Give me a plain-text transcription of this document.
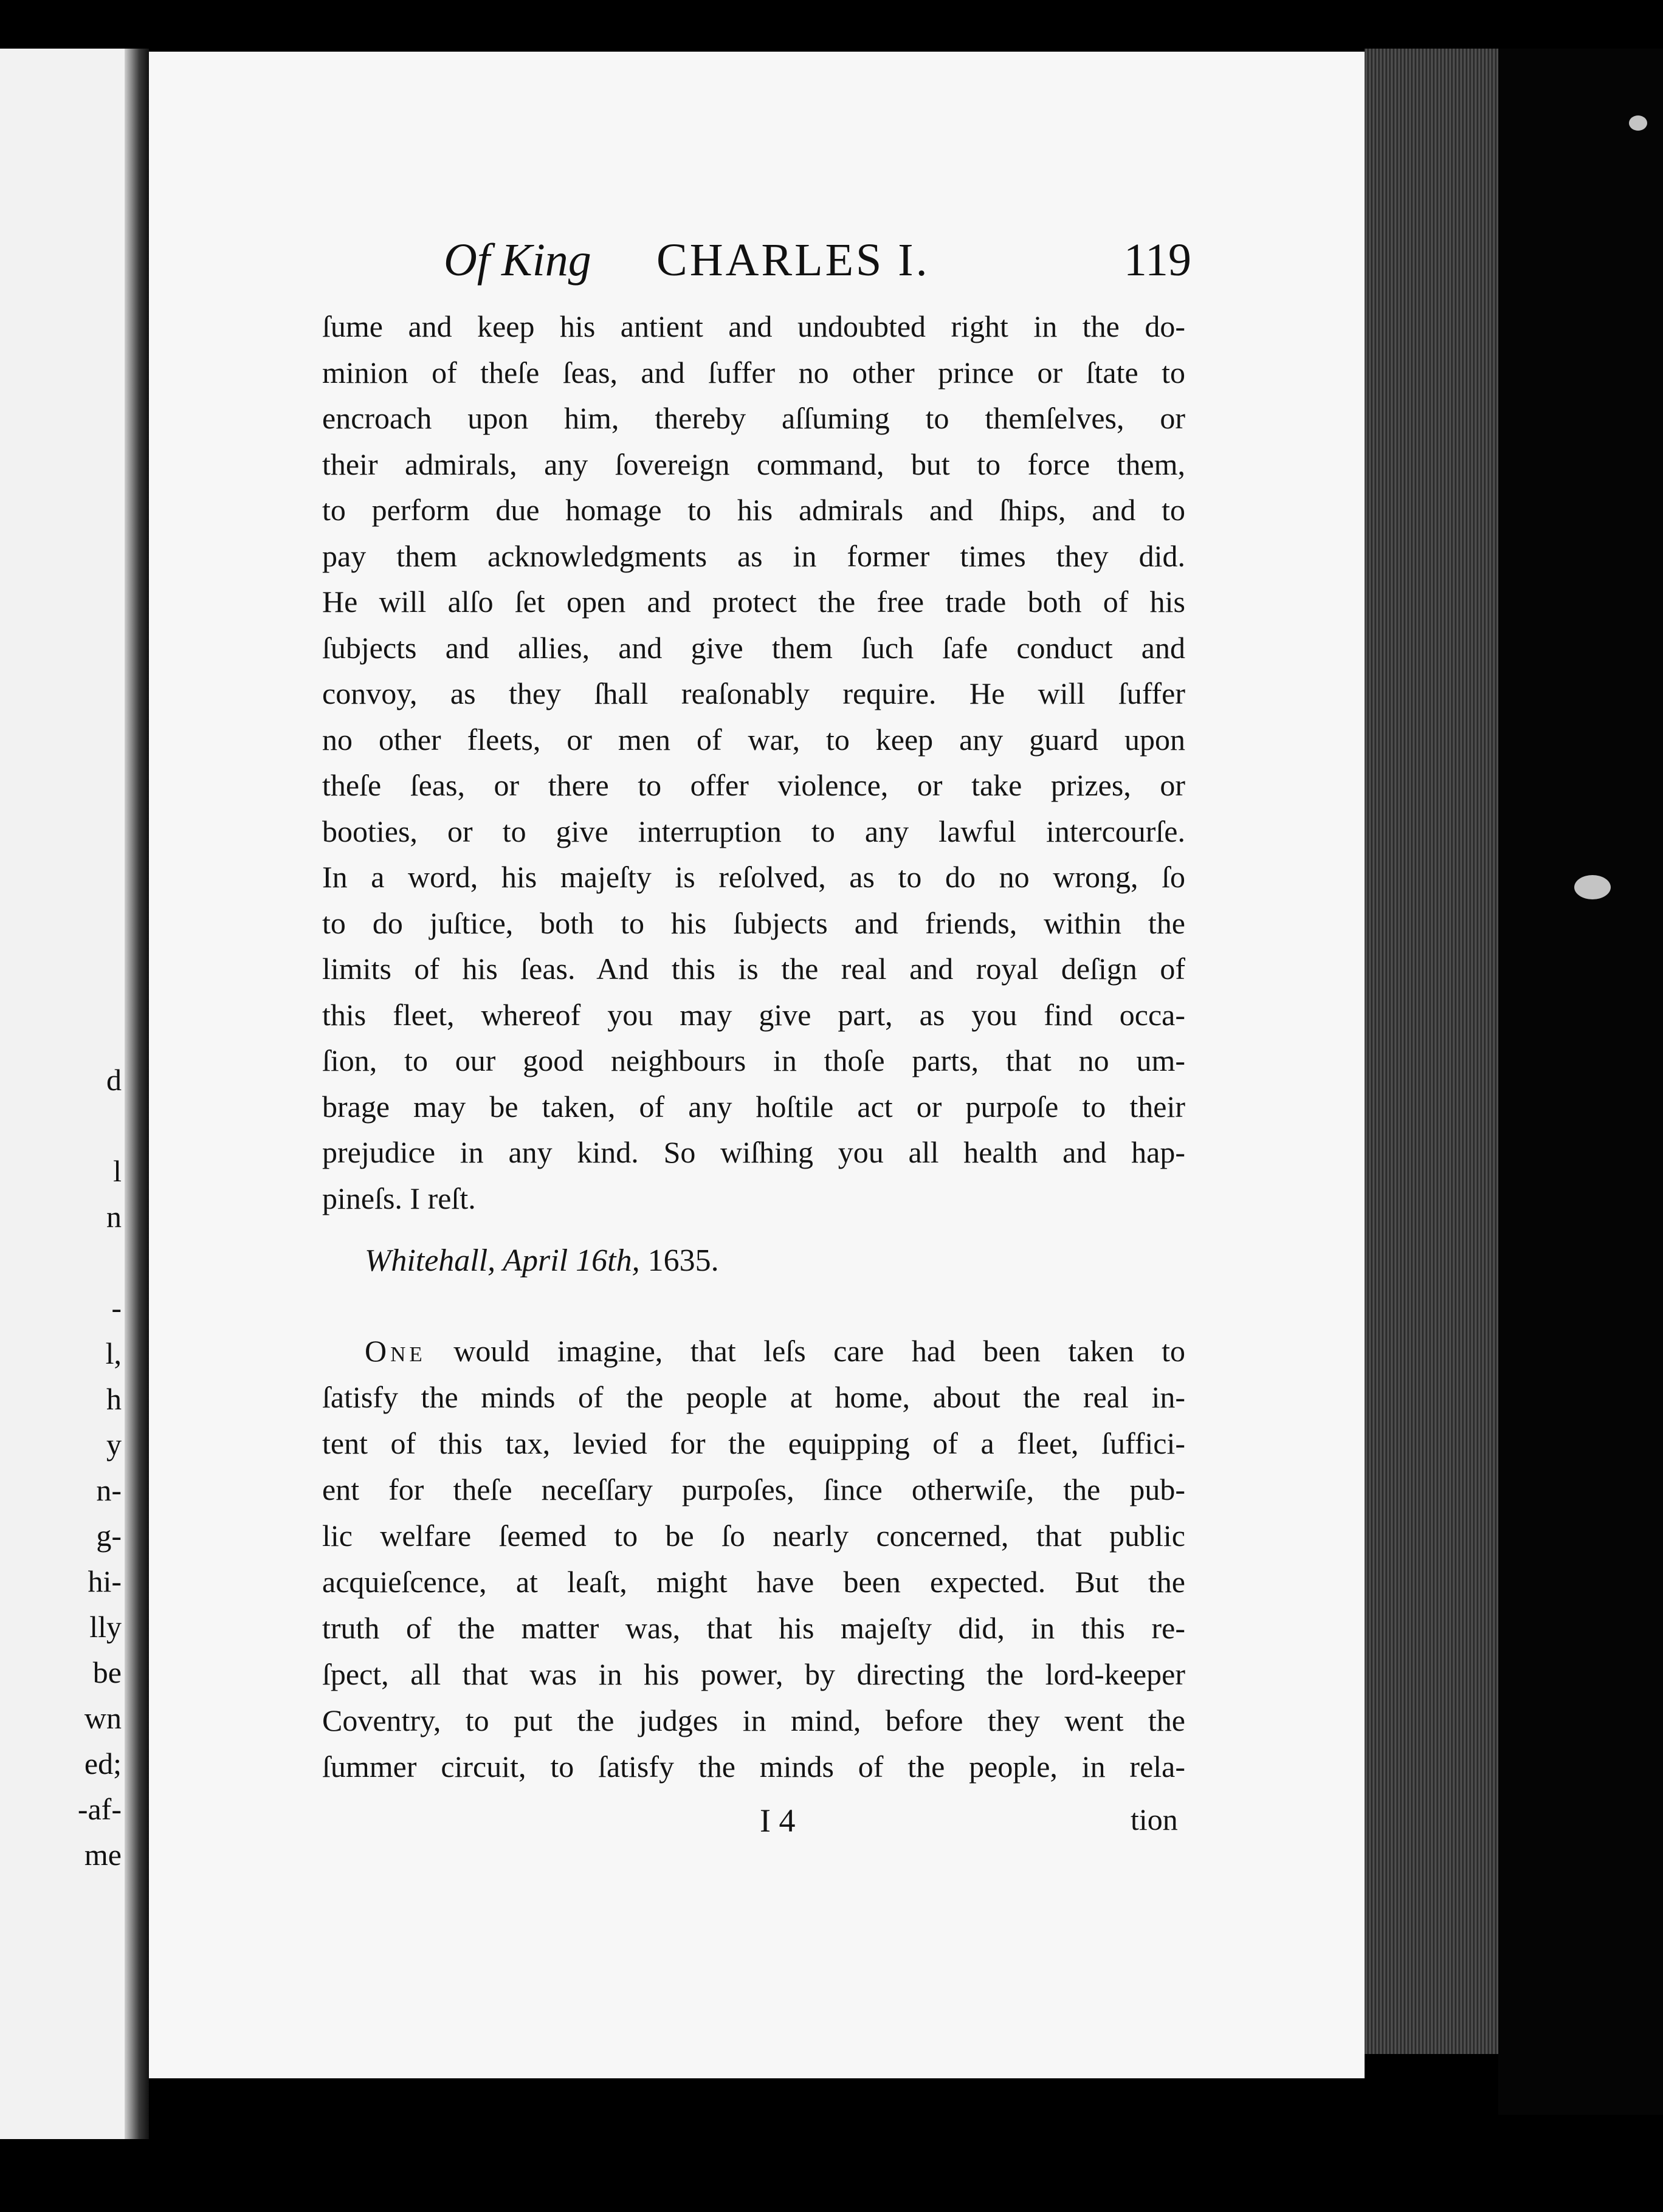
d
l
n
-
l,
h
y
n-
g-
hi-
lly
be
wn
ed;
-af-
me
Of King CHARLES I.	119
ſume and keep his antient and undoubted right in the do-
minion of theſe ſeas, and ſuffer no other prince or ſtate to
encroach upon him, thereby aſſuming to themſelves, or
their admirals, any ſovereign command, but to force them,
to perform due homage to his admirals and ſhips, and to
pay them acknowledgments as in former times they did.
He will alſo ſet open and protect the free trade both of his
ſubjects and allies, and give them ſuch ſafe conduct and
convoy, as they ſhall reaſonably require. He will ſuffer
no other fleets, or men of war, to keep any guard upon
theſe ſeas, or there to offer violence, or take prizes, or
booties, or to give interruption to any lawful intercourſe.
In a word, his majeſty is reſolved, as to do no wrong, ſo
to do juſtice, both to his ſubjects and friends, within the
limits of his ſeas. And this is the real and royal deſign of
this fleet, whereof you may give part, as you find occa-
ſion, to our good neighbours in thoſe parts, that no um-
brage may be taken, of any hoſtile act or purpoſe to their
prejudice in any kind. So wiſhing you all health and hap-
pineſs. I reſt.
Whitehall, April 16th, 1635.
One would imagine, that leſs care had been taken to
ſatisfy the minds of the people at home, about the real in-
tent of this tax, levied for the equipping of a fleet, ſuffici-
ent for theſe neceſſary purpoſes, ſince otherwiſe, the pub-
lic welfare ſeemed to be ſo nearly concerned, that public
acquieſcence, at leaſt, might have been expected. But the
truth of the matter was, that his majeſty did, in this re-
ſpect, all that was in his power, by directing the lord-keeper
Coventry, to put the judges in mind, before they went the
ſummer circuit, to ſatisfy the minds of the people, in rela-
I 4	tion
